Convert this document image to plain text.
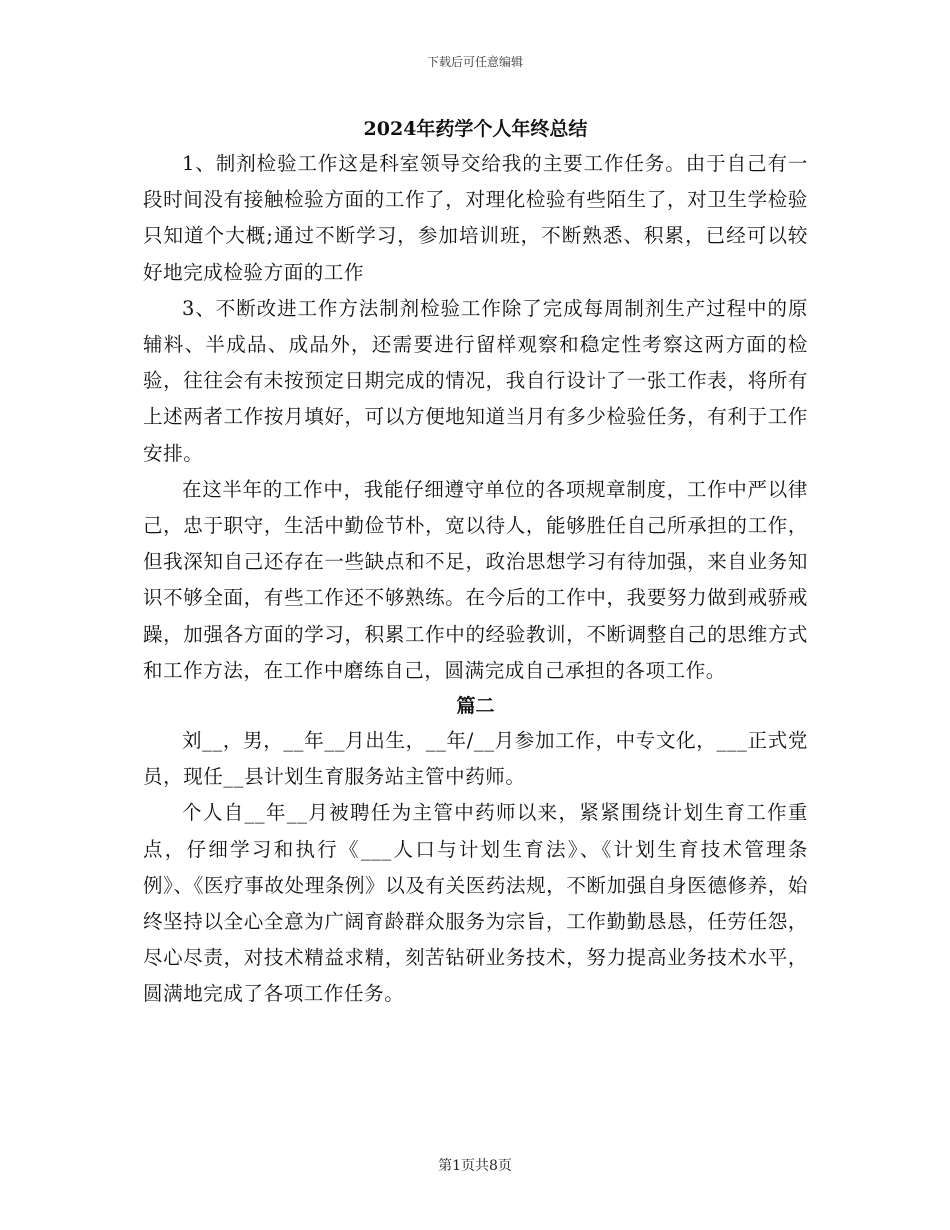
下载后可任意编辑
2024年药学个人年终总结

1、制剂检验工作这是科室领导交给我的主要工作任务。由于自己有一段时间没有接触检验方面的工作了，对理化检验有些陌生了，对卫生学检验只知道个大概;通过不断学习，参加培训班，不断熟悉、积累，已经可以较好地完成检验方面的工作

3、不断改进工作方法制剂检验工作除了完成每周制剂生产过程中的原辅料、半成品、成品外，还需要进行留样观察和稳定性考察这两方面的检验，往往会有未按预定日期完成的情况，我自行设计了一张工作表，将所有上述两者工作按月填好，可以方便地知道当月有多少检验任务，有利于工作安排。

在这半年的工作中，我能仔细遵守单位的各项规章制度，工作中严以律己，忠于职守，生活中勤俭节朴，宽以待人，能够胜任自己所承担的工作，但我深知自己还存在一些缺点和不足，政治思想学习有待加强，来自业务知识不够全面，有些工作还不够熟练。在今后的工作中，我要努力做到戒骄戒躁，加强各方面的学习，积累工作中的经验教训，不断调整自己的思维方式和工作方法，在工作中磨练自己，圆满完成自己承担的各项工作。

篇二

刘__，男，__年__月出生，__年/__月参加工作，中专文化，___正式党员，现任__县计划生育服务站主管中药师。

个人自__年__月被聘任为主管中药师以来，紧紧围绕计划生育工作重点，仔细学习和执行《___人口与计划生育法》、《计划生育技术管理条例》、《医疗事故处理条例》以及有关医药法规，不断加强自身医德修养，始终坚持以全心全意为广阔育龄群众服务为宗旨，工作勤勤恳恳，任劳任怨，尽心尽责，对技术精益求精，刻苦钻研业务技术，努力提高业务技术水平，圆满地完成了各项工作任务。

第1页共8页
